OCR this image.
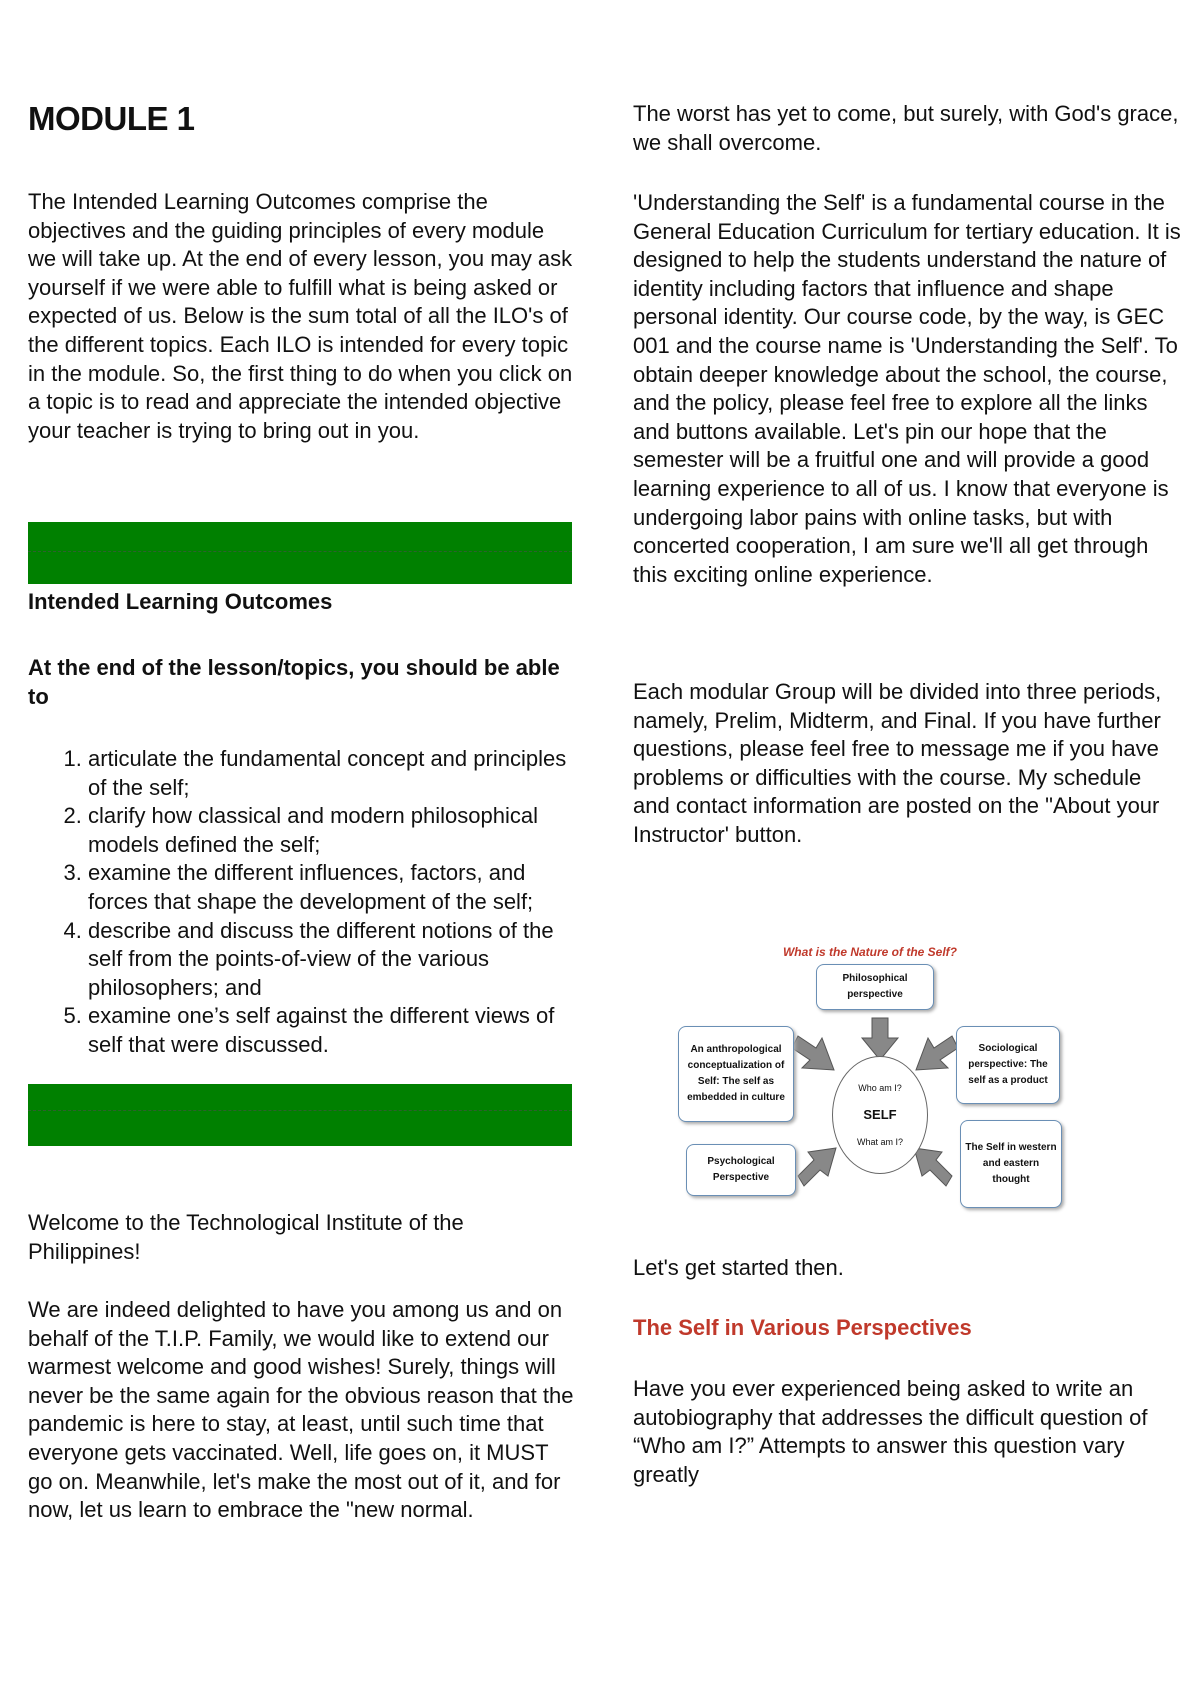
MODULE 1

The Intended Learning Outcomes comprise the objectives and the guiding principles of every module we will take up. At the end of every lesson, you may ask yourself if we were able to fulfill what is being asked or expected of us. Below is the sum total of all the ILO's of the different topics. Each ILO is intended for every topic in the module. So, the first thing to do when you click on a topic is to read and appreciate the intended objective your teacher is trying to bring out in you.

Intended Learning Outcomes

At the end of the lesson/topics, you should be able to

1. articulate the fundamental concept and principles of the self;
2. clarify how classical and modern philosophical models defined the self;
3. examine the different influences, factors, and forces that shape the development of the self;
4. describe and discuss the different notions of the self from the points-of-view of the various philosophers; and
5. examine one’s self against the different views of self that were discussed.

Welcome to the Technological Institute of the Philippines!

We are indeed delighted to have you among us and on behalf of the T.I.P. Family, we would like to extend our warmest welcome and good wishes! Surely, things will never be the same again for the obvious reason that the pandemic is here to stay, at least, until such time that everyone gets vaccinated. Well, life goes on, it MUST go on. Meanwhile, let's make the most out of it, and for now, let us learn to embrace the "new normal.

The worst has yet to come, but surely, with God's grace, we shall overcome.

'Understanding the Self' is a fundamental course in the General Education Curriculum for tertiary education. It is designed to help the students understand the nature of identity including factors that influence and shape personal identity. Our course code, by the way, is GEC 001 and the course name is 'Understanding the Self'. To obtain deeper knowledge about the school, the course, and the policy, please feel free to explore all the links and buttons available. Let's pin our hope that the semester will be a fruitful one and will provide a good learning experience to all of us. I know that everyone is undergoing labor pains with online tasks, but with concerted cooperation, I am sure we'll all get through this exciting online experience.

Each modular Group will be divided into three periods, namely, Prelim, Midterm, and Final. If you have further questions, please feel free to message me if you have problems or difficulties with the course. My schedule and contact information are posted on the "About your Instructor' button.

Let's get started then.

The Self in Various Perspectives

Have you ever experienced being asked to write an autobiography that addresses the difficult question of “Who am I?” Attempts to answer this question vary greatly

What is the Nature of the Self?

Philosophical perspective
An anthropological conceptualization of Self: The self as embedded in culture
Sociological perspective: The self as a product
Psychological Perspective
The Self in western and eastern thought
Who am I?
SELF
What am I?
